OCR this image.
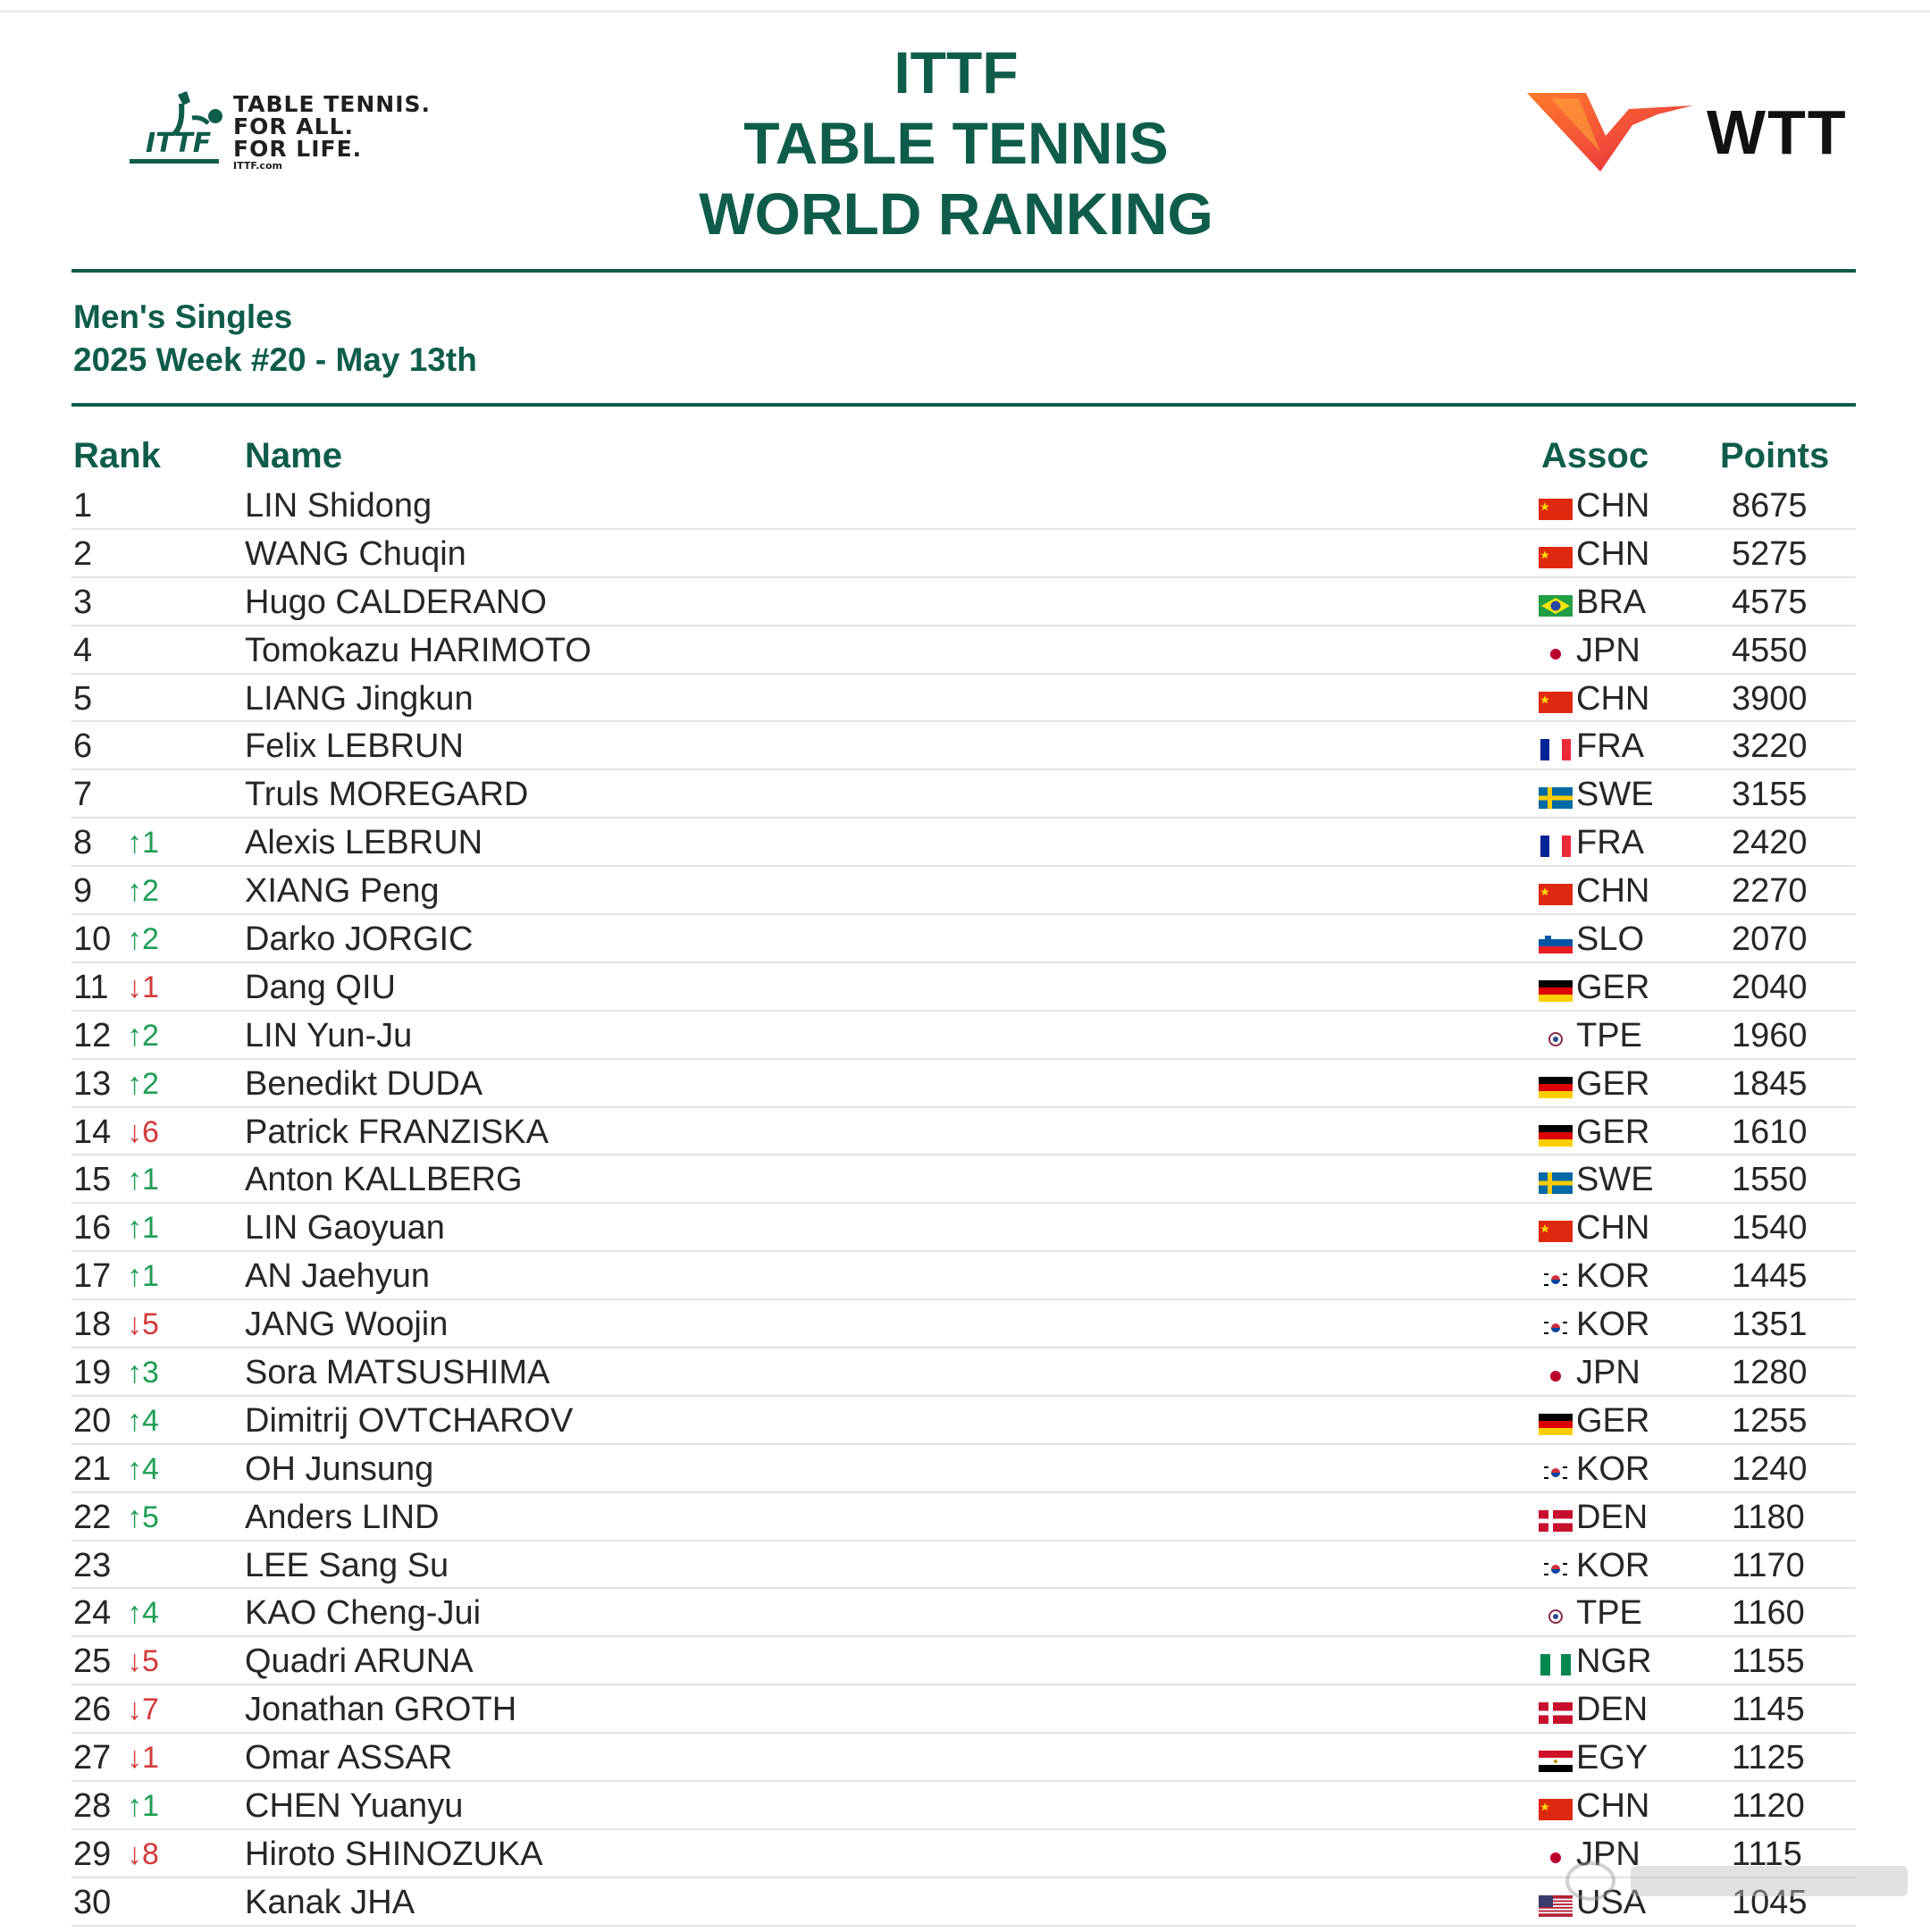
ITTF
TABLE TENNIS.
FOR ALL.
FOR LIFE.
ITTF.com
ITTF
TABLE TENNIS
WORLD RANKING
WTT
Men's Singles
2025 Week #20 - May 13th
Rank Name	Assoc Points
1	LIN Shidong	CHN 8675
2	WANG Chuqin	CHN 5275
3	Hugo CALDERANO	BRA	4575
4	Tomokazu HARIMOTO	JPN	4550
5	LIANG Jingkun	CHN 3900
6	Felix LEBRUN	FRA	3220
7	Truls MOREGARD	SWE 3155
8 ↑1	Alexis LEBRUN	FRA	2420
9 ↑2	XIANG Peng	CHN 2270
10 ↑2	Darko JORGIC	SLO	2070
11 ↓1	Dang QIU	GER 2040
12 ↑2	LIN Yun-Ju	TPE	1960
13 ↑2	Benedikt DUDA	GER 1845
14 ↓6	Patrick FRANZISKA	GER 1610
15 ↑1	Anton KALLBERG	SWE 1550
16 ↑1	LIN Gaoyuan	CHN 1540
17 ↑1	AN Jaehyun	KOR 1445
18 ↓5	JANG Woojin	KOR 1351
19 ↑3	Sora MATSUSHIMA	JPN	1280
20 ↑4	Dimitrij OVTCHAROV	GER 1255
21 ↑4	OH Junsung	KOR 1240
22 ↑5	Anders LIND	DEN 1180
23	LEE Sang Su	KOR 1170
24 ↑4	KAO Cheng-Jui	TPE	1160
25 ↓5	Quadri ARUNA	NGR 1155
26 ↓7	Jonathan GROTH	DEN 1145
27 ↓1	Omar ASSAR	EGY 1125
28 ↑1	CHEN Yuanyu	CHN 1120
29 ↓8	Hiroto SHINOZUKA	JPN	1115
30	Kanak JHA	USA	1045
